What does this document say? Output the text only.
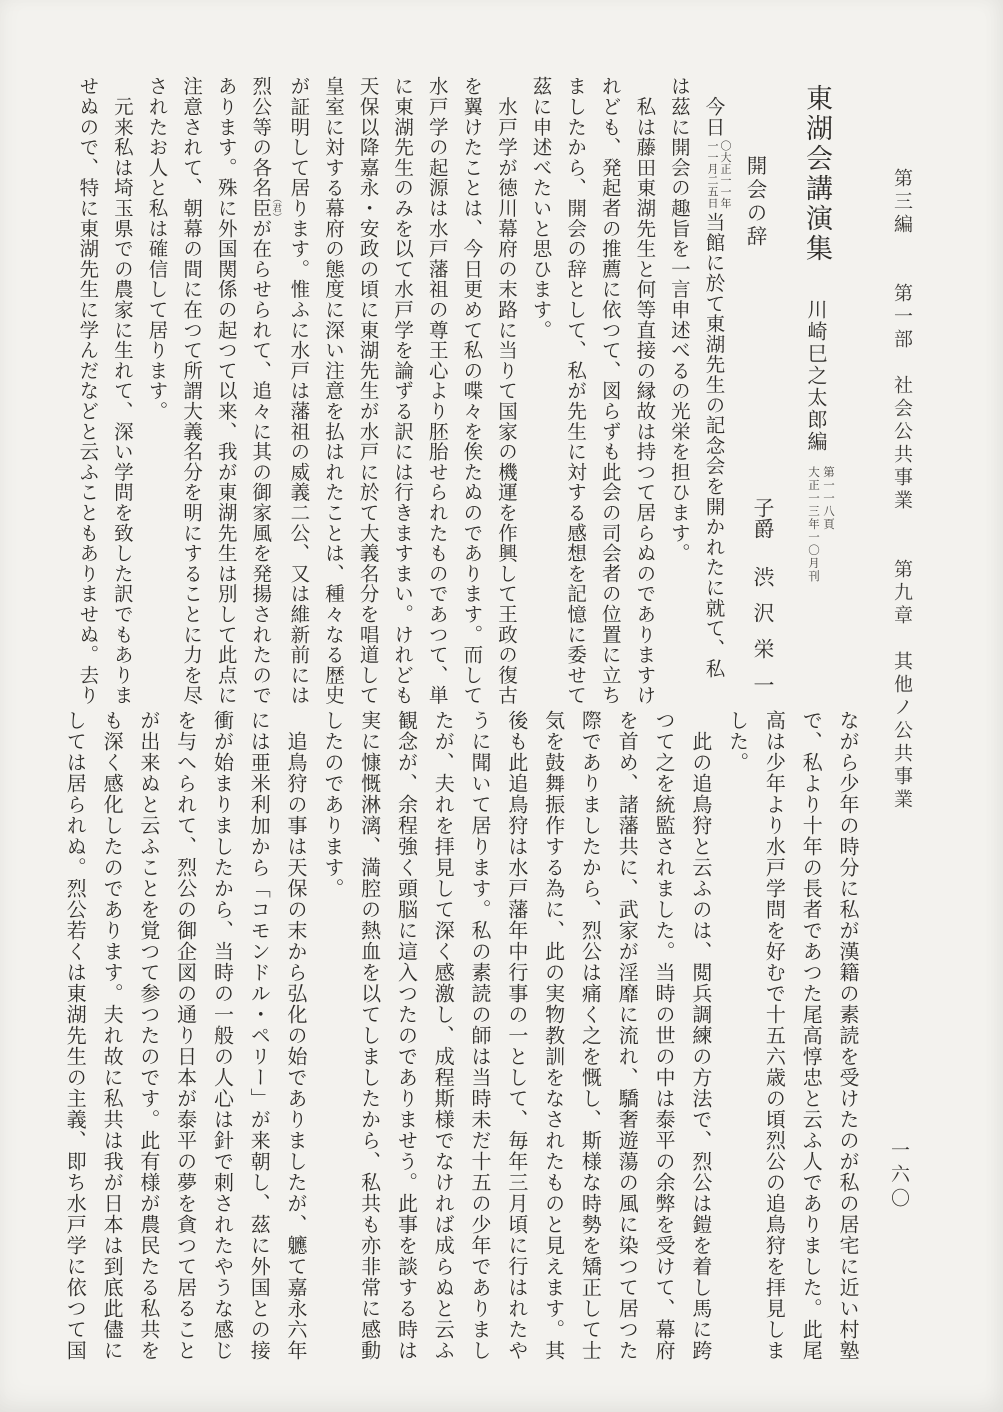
第三編　　第一部　社会公共事業　　第九章　其他ノ公共事業
一六〇
東湖会講演集 川崎巳之太郎編
第一一八頁
大正一三年一〇月刊
子爵 渋沢栄一
開会の辞

　今日
〇大正一一年
一一月二五日
当館に於て東湖先生の記念会を開かれたに就て、私

は茲に開会の趣旨を一言申述べるの光栄を担ひます。

　私は藤田東湖先生と何等直接の縁故は持つて居らぬのでありますけ

れども、発起者の推薦に依つて、図らずも此会の司会者の位置に立ち

ましたから、開会の辞として、私が先生に対する感想を記憶に委せて

茲に申述べたいと思ひます。

　水戸学が徳川幕府の末路に当りて国家の機運を作興して王政の復古

を翼けたことは、今日更めて私の喋々を俟たぬのであります。而して

水戸学の起源は水戸藩祖の尊王心より胚胎せられたものであつて、単

に東湖先生のみを以て水戸学を論ずる訳には行きますまい。けれども

天保以降嘉永・安政の頃に東湖先生が水戸に於て大義名分を唱道して

皇室に対する幕府の態度に深い注意を払はれたことは、種々なる歴史

が証明して居ります。惟ふに水戸は藩祖の威義二公、又は維新前には

烈公等の各名臣（君）が在らせられて、追々に其の御家風を発揚されたので

あります。殊に外国関係の起つて以来、我が東湖先生は別して此点に

注意されて、朝幕の間に在つて所謂大義名分を明にすることに力を尽

されたお人と私は確信して居ります。

　元来私は埼玉県での農家に生れて、深い学問を致した訳でもありま

せぬので、特に東湖先生に学んだなどと云ふこともありませぬ。去り

ながら少年の時分に私が漢籍の素読を受けたのが私の居宅に近い村塾

で、私より十年の長者であつた尾高惇忠と云ふ人でありました。此尾

高は少年より水戸学問を好むで十五六歳の頃烈公の追鳥狩を拝見しま

した。

　此の追鳥狩と云ふのは、閲兵調練の方法で、烈公は鎧を着し馬に跨

つて之を統監されました。当時の世の中は泰平の余弊を受けて、幕府

を首め、諸藩共に、武家が淫靡に流れ、驕奢遊蕩の風に染つて居つた

際でありましたから、烈公は痛く之を慨し、斯様な時勢を矯正して士

気を鼓舞振作する為に、此の実物教訓をなされたものと見えます。其

後も此追鳥狩は水戸藩年中行事の一として、毎年三月頃に行はれたや

うに聞いて居ります。私の素読の師は当時未だ十五の少年でありまし

たが、夫れを拝見して深く感激し、成程斯様でなければ成らぬと云ふ

観念が、余程強く頭脳に這入つたのでありませう。此事を談する時は

実に慷慨淋漓、満腔の熱血を以てしましたから、私共も亦非常に感動

したのであります。

　追鳥狩の事は天保の末から弘化の始でありましたが、軈て嘉永六年

には亜米利加から「コモンドル・ペリー」が来朝し、茲に外国との接

衝が始まりましたから、当時の一般の人心は針で刺されたやうな感じ

を与へられて、烈公の御企図の通り日本が泰平の夢を貪つて居ること

が出来ぬと云ふことを覚つて参つたのです。此有様が農民たる私共を

も深く感化したのであります。夫れ故に私共は我が日本は到底此儘に

しては居られぬ。烈公若くは東湖先生の主義、即ち水戸学に依つて国
